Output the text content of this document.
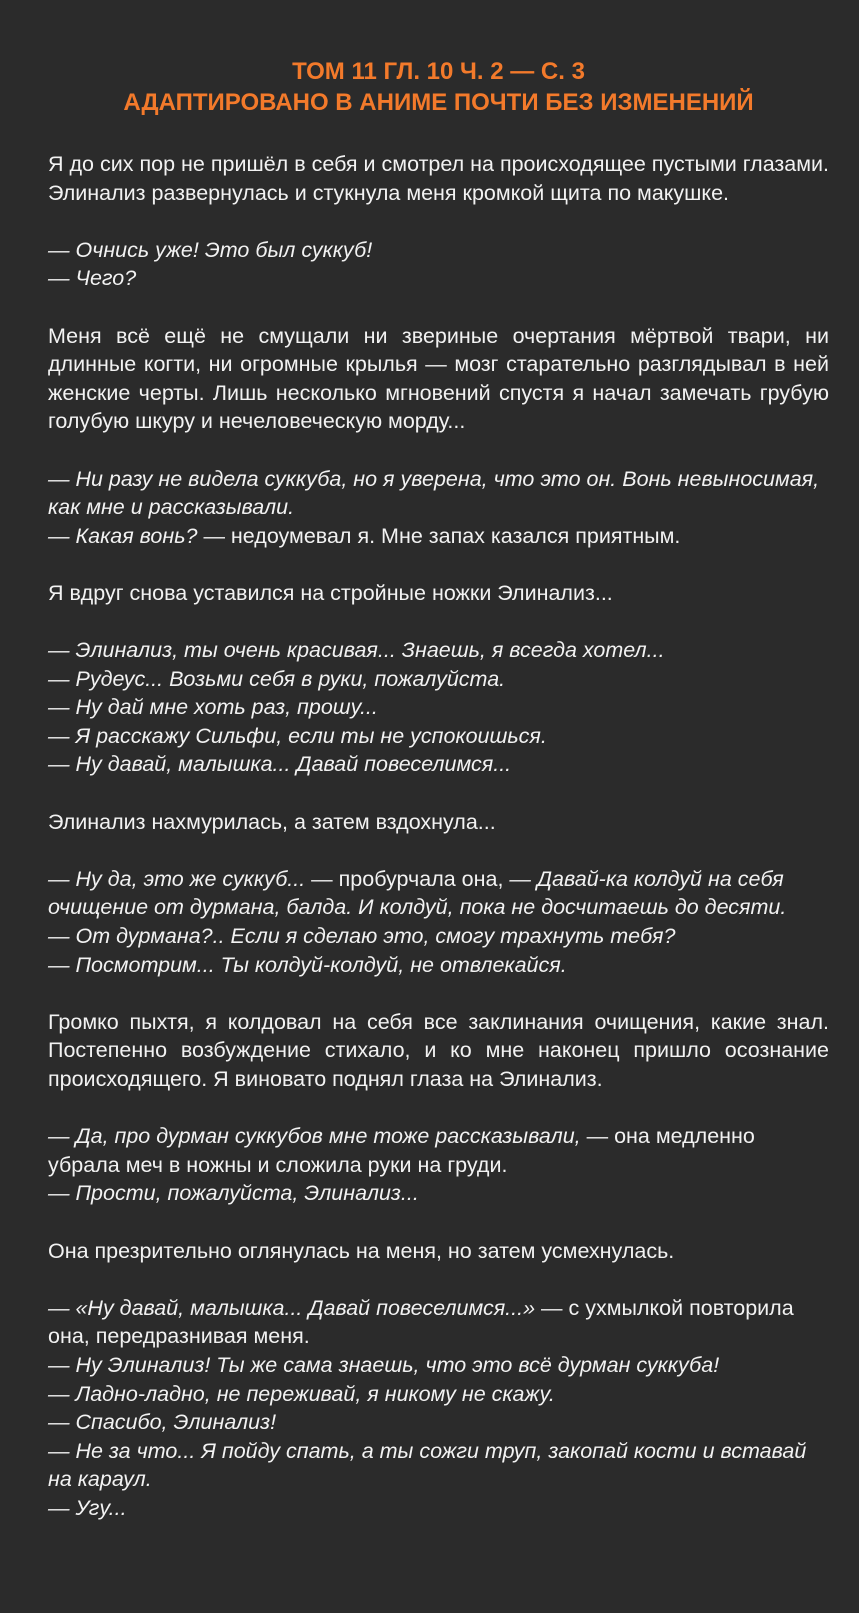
ТОМ 11 ГЛ. 10 Ч. 2 — С. 3
АДАПТИРОВАНО В АНИМЕ ПОЧТИ БЕЗ ИЗМЕНЕНИЙ

Я до сих пор не пришёл в себя и смотрел на происходящее пустыми глазами. Элинализ развернулась и стукнула меня кромкой щита по макушке.

— Очнись уже! Это был суккуб!
— Чего?

Меня всё ещё не смущали ни звериные очертания мёртвой твари, ни длинные когти, ни огромные крылья — мозг старательно разглядывал в ней женские черты. Лишь несколько мгновений спустя я начал замечать грубую голубую шкуру и нечеловеческую морду...

— Ни разу не видела суккуба, но я уверена, что это он. Вонь невыносимая, как мне и рассказывали.
— Какая вонь? — недоумевал я. Мне запах казался приятным.

Я вдруг снова уставился на стройные ножки Элинализ...

— Элинализ, ты очень красивая... Знаешь, я всегда хотел...
— Рудеус... Возьми себя в руки, пожалуйста.
— Ну дай мне хоть раз, прошу...
— Я расскажу Сильфи, если ты не успокоишься.
— Ну давай, малышка... Давай повеселимся...

Элинализ нахмурилась, а затем вздохнула...

— Ну да, это же суккуб... — пробурчала она, — Давай-ка колдуй на себя очищение от дурмана, балда. И колдуй, пока не досчитаешь до десяти.
— От дурмана?.. Если я сделаю это, смогу трахнуть тебя?
— Посмотрим... Ты колдуй-колдуй, не отвлекайся.

Громко пыхтя, я колдовал на себя все заклинания очищения, какие знал. Постепенно возбуждение стихало, и ко мне наконец пришло осознание происходящего. Я виновато поднял глаза на Элинализ.

— Да, про дурман суккубов мне тоже рассказывали, — она медленно убрала меч в ножны и сложила руки на груди.
— Прости, пожалуйста, Элинализ...

Она презрительно оглянулась на меня, но затем усмехнулась.

— «Ну давай, малышка... Давай повеселимся...» — с ухмылкой повторила она, передразнивая меня.
— Ну Элинализ! Ты же сама знаешь, что это всё дурман суккуба!
— Ладно-ладно, не переживай, я никому не скажу.
— Спасибо, Элинализ!
— Не за что... Я пойду спать, а ты сожги труп, закопай кости и вставай на караул.
— Угу...
